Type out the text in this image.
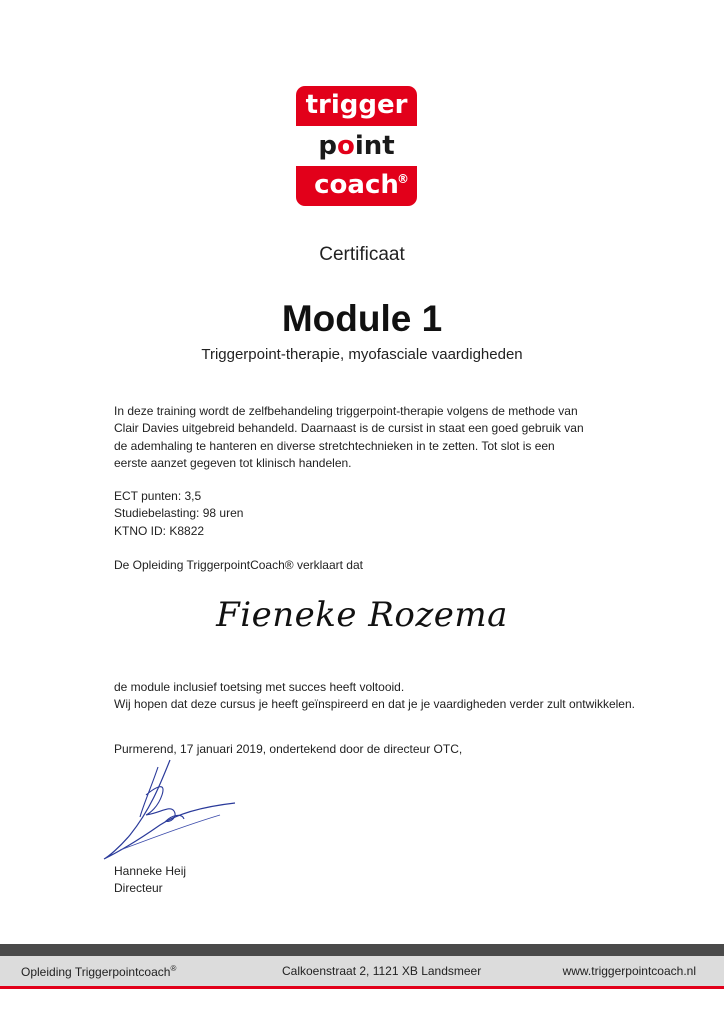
trigger
point
coach
®
Certificaat
Module 1
Triggerpoint-therapie, myofasciale vaardigheden
In deze training wordt de zelfbehandeling triggerpoint-therapie volgens de methode van
Clair Davies uitgebreid behandeld. Daarnaast is de cursist in staat een goed gebruik van
de ademhaling te hanteren en diverse stretchtechnieken in te zetten. Tot slot is een
eerste aanzet gegeven tot klinisch handelen.
ECT punten: 3,5
Studiebelasting: 98 uren
KTNO ID: K8822
De Opleiding TriggerpointCoach® verklaart dat
Fieneke Rozema
de module inclusief toetsing met succes heeft voltooid.
Wij hopen dat deze cursus je heeft geïnspireerd en dat je je vaardigheden verder zult ontwikkelen.
Purmerend, 17 januari 2019, ondertekend door de directeur OTC,
Hanneke Heij
Directeur
Opleiding Triggerpointcoach®	Calkoenstraat 2, 1121 XB Landsmeer	www.triggerpointcoach.nl
